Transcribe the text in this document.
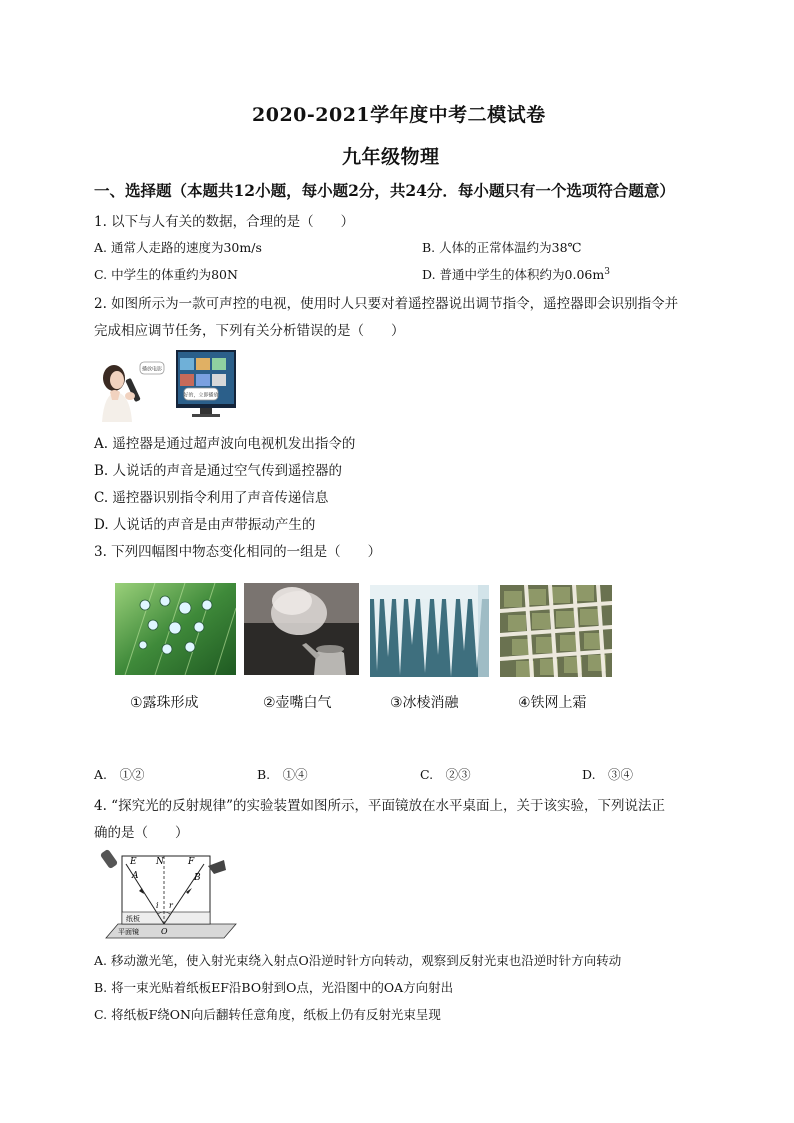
2020-2021学年度中考二模试卷
九年级物理
一、选择题（本题共12小题，每小题2分，共24分．每小题只有一个选项符合题意）
1. 以下与人有关的数据，合理的是（　　）
A. 通常人走路的速度为30m/s	B. 人体的正常体温约为38℃
C. 中学生的体重约为80N	D. 普通中学生的体积约为$0.06m^3$
2. 如图所示为一款可声控的电视，使用时人只要对着遥控器说出调节指令，遥控器即会识别指令并
完成相应调节任务，下列有关分析错误的是（　　）
播放电影
好的，立即播放
A. 遥控器是通过超声波向电视机发出指令的
B. 人说话的声音是通过空气传到遥控器的
C. 遥控器识别指令利用了声音传递信息
D. 人说话的声音是由声带振动产生的
3. 下列四幅图中物态变化相同的一组是（　　）
①露珠形成	②壶嘴白气	③冰棱消融	④铁网上霜
A.　①②	B.　①④	C.　②③	D.　③④
4. “探究光的反射规律”的实验装置如图所示，平面镜放在水平桌面上，关于该实验，下列说法正
确的是（　　）
E N	F
A	B
i r
O
纸板
平面镜
A. 移动激光笔，使入射光束绕入射点O沿逆时针方向转动，观察到反射光束也沿逆时针方向转动
B. 将一束光贴着纸板EF沿BO射到O点，光沿图中的OA方向射出
C. 将纸板F绕ON向后翻转任意角度，纸板上仍有反射光束呈现
